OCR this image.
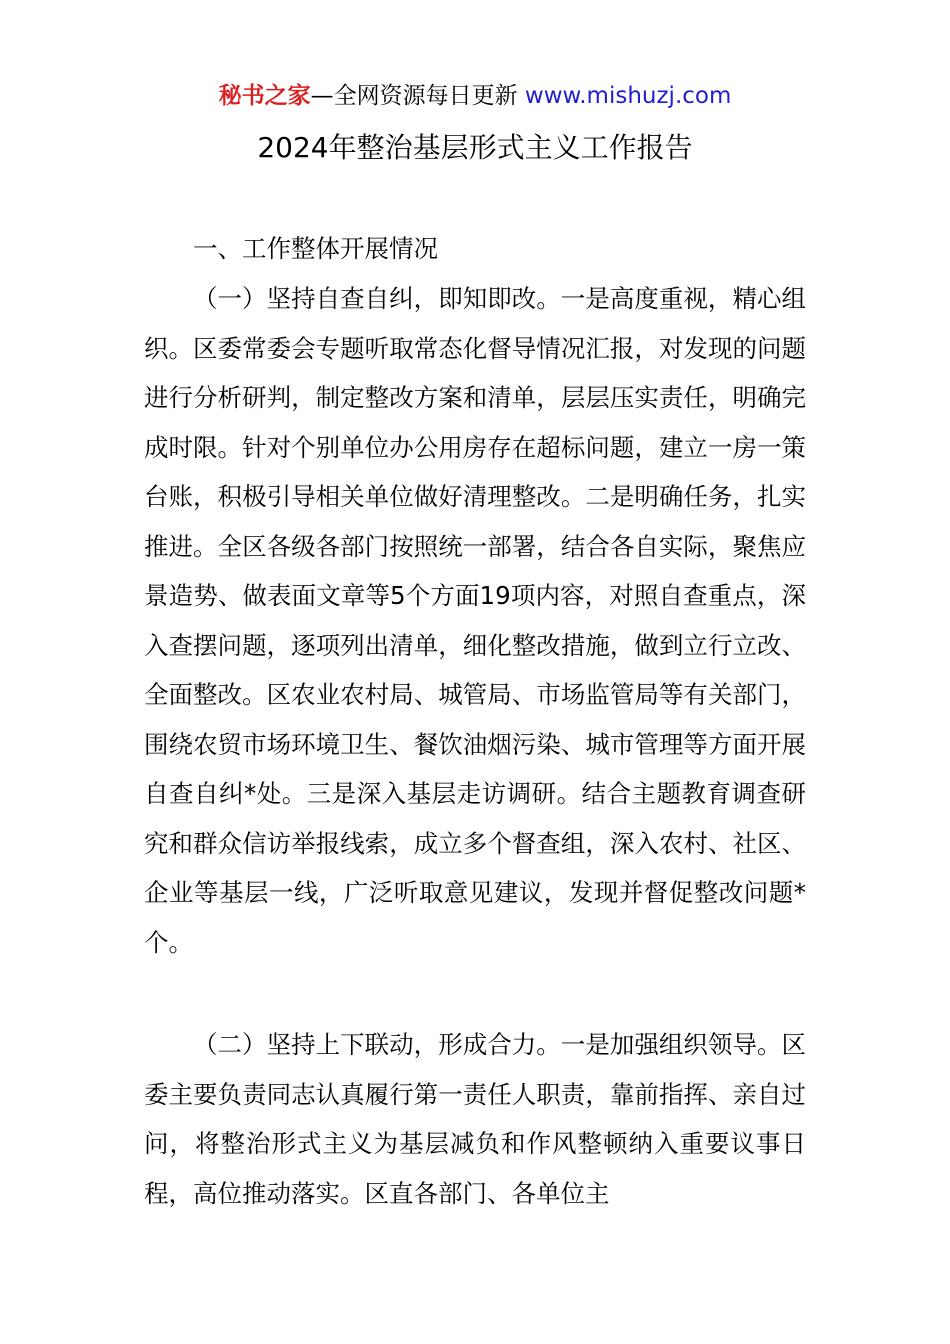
秘书之家—全网资源每日更新 www.mishuzj.com
2024年整治基层形式主义工作报告
一、工作整体开展情况

（一）坚持自查自纠，即知即改。一是高度重视，精心组织。区委常委会专题听取常态化督导情况汇报，对发现的问题进行分析研判，制定整改方案和清单，层层压实责任，明确完成时限。针对个别单位办公用房存在超标问题，建立一房一策台账，积极引导相关单位做好清理整改。二是明确任务，扎实推进。全区各级各部门按照统一部署，结合各自实际，聚焦应景造势、做表面文章等5个方面19项内容，对照自查重点，深入查摆问题，逐项列出清单，细化整改措施，做到立行立改、全面整改。区农业农村局、城管局、市场监管局等有关部门，围绕农贸市场环境卫生、餐饮油烟污染、城市管理等方面开展自查自纠*处。三是深入基层走访调研。结合主题教育调查研究和群众信访举报线索，成立多个督查组，深入农村、社区、企业等基层一线，广泛听取意见建议，发现并督促整改问题*个。

（二）坚持上下联动，形成合力。一是加强组织领导。区委主要负责同志认真履行第一责任人职责，靠前指挥、亲自过问，将整治形式主义为基层减负和作风整顿纳入重要议事日程，高位推动落实。区直各部门、各单位主
